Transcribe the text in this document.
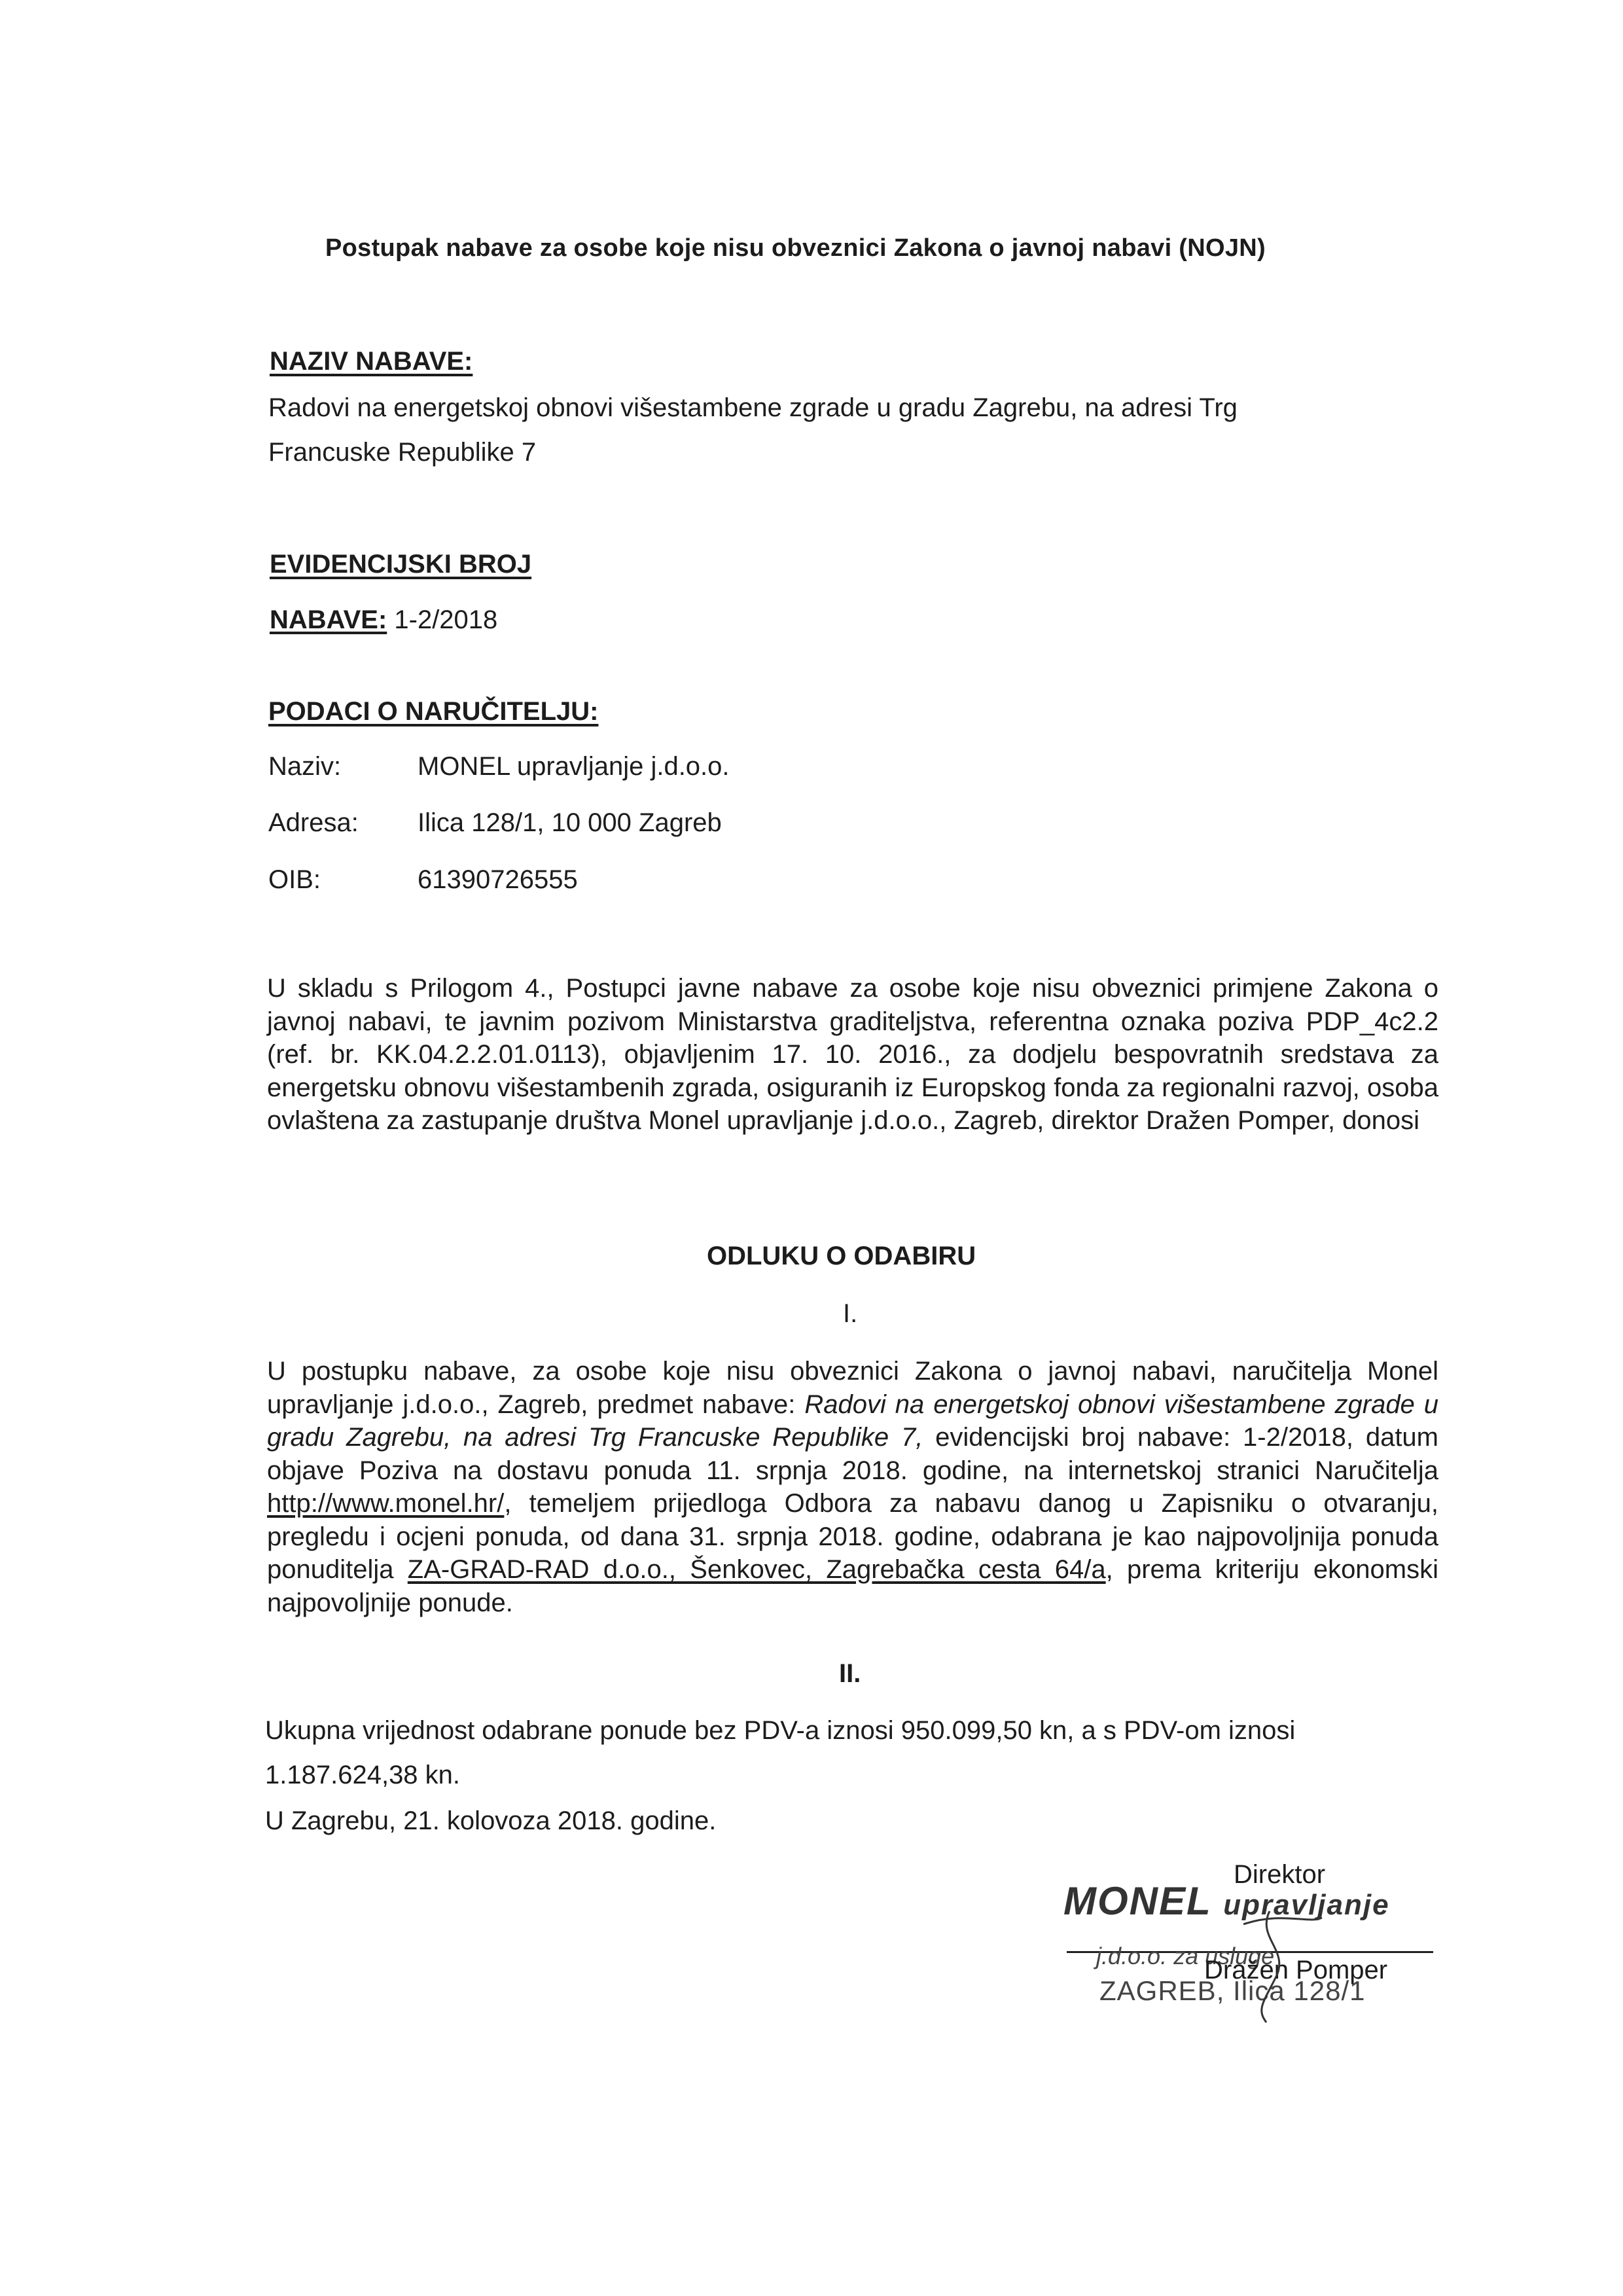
Postupak nabave za osobe koje nisu obveznici Zakona o javnoj nabavi (NOJN)
NAZIV NABAVE:
Radovi na energetskoj obnovi višestambene zgrade u gradu Zagrebu, na adresi Trg
Francuske Republike 7
EVIDENCIJSKI BROJ
NABAVE: 1-2/2018
PODACI O NARUČITELJU:
Naziv:	MONEL upravljanje j.d.o.o.
Adresa: Ilica 128/1, 10 000 Zagreb
OIB:	61390726555
U skladu s Prilogom 4., Postupci javne nabave za osobe koje nisu obveznici primjene Zakona o javnoj nabavi, te javnim pozivom Ministarstva graditeljstva, referentna oznaka poziva PDP_4c2.2 (ref. br. KK.04.2.2.01.0113), objavljenim 17. 10. 2016., za dodjelu bespovratnih sredstava za energetsku obnovu višestambenih zgrada, osiguranih iz Europskog fonda za regionalni razvoj, osoba ovlaštena za zastupanje društva Monel upravljanje j.d.o.o., Zagreb, direktor Dražen Pomper, donosi
ODLUKU O ODABIRU
I.
U postupku nabave, za osobe koje nisu obveznici Zakona o javnoj nabavi, naručitelja Monel upravljanje j.d.o.o., Zagreb, predmet nabave: Radovi na energetskoj obnovi višestambene zgrade u gradu Zagrebu, na adresi Trg Francuske Republike 7, evidencijski broj nabave: 1-2/2018, datum objave Poziva na dostavu ponuda 11. srpnja 2018. godine, na internetskoj stranici Naručitelja http://www.monel.hr/, temeljem prijedloga Odbora za nabavu danog u Zapisniku o otvaranju, pregledu i ocjeni ponuda, od dana 31. srpnja 2018. godine, odabrana je kao najpovoljnija ponuda ponuditelja ZA-GRAD-RAD d.o.o., Šenkovec, Zagrebačka cesta 64/a, prema kriteriju ekonomski najpovoljnije ponude.
II.
Ukupna vrijednost odabrane ponude bez PDV-a iznosi 950.099,50 kn, a s PDV-om iznosi
1.187.624,38 kn.
U Zagrebu, 21. kolovoza 2018. godine.
Direktor
MONEL upravljanje
j.d.o.o. za usluge
Dražen Pomper
ZAGREB, Ilica 128/1
